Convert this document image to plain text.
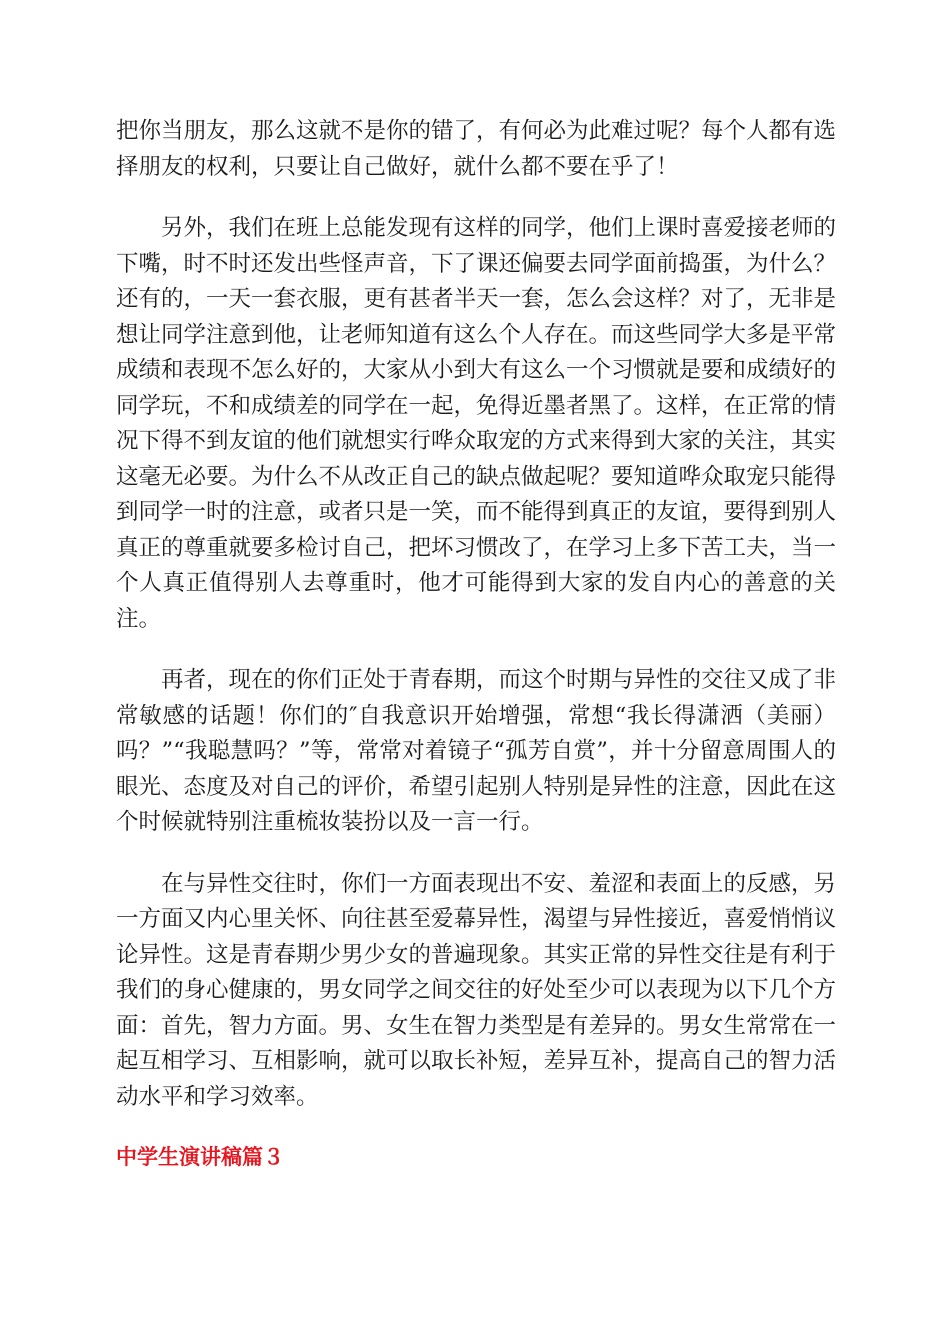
把你当朋友，那么这就不是你的错了，有何必为此难过呢？每个人都有选择朋友的权利，只要让自己做好，就什么都不要在乎了！

另外，我们在班上总能发现有这样的同学，他们上课时喜爱接老师的下嘴，时不时还发出些怪声音，下了课还偏要去同学面前捣蛋，为什么？还有的，一天一套衣服，更有甚者半天一套，怎么会这样？对了，无非是想让同学注意到他，让老师知道有这么个人存在。而这些同学大多是平常成绩和表现不怎么好的，大家从小到大有这么一个习惯就是要和成绩好的同学玩，不和成绩差的同学在一起，免得近墨者黑了。这样，在正常的情况下得不到友谊的他们就想实行哗众取宠的方式来得到大家的关注，其实这毫无必要。为什么不从改正自己的缺点做起呢？要知道哗众取宠只能得到同学一时的注意，或者只是一笑，而不能得到真正的友谊，要得到别人真正的尊重就要多检讨自己，把坏习惯改了，在学习上多下苦工夫，当一个人真正值得别人去尊重时，他才可能得到大家的发自内心的善意的关注。

再者，现在的你们正处于青春期，而这个时期与异性的交往又成了非常敏感的话题！你们的″自我意识开始增强，常想“我长得潇洒（美丽）吗？”“我聪慧吗？”等，常常对着镜子“孤芳自赏”，并十分留意周围人的眼光、态度及对自己的评价，希望引起别人特别是异性的注意，因此在这个时候就特别注重梳妆装扮以及一言一行。

在与异性交往时，你们一方面表现出不安、羞涩和表面上的反感，另一方面又内心里关怀、向往甚至爱幕异性，渴望与异性接近，喜爱悄悄议论异性。这是青春期少男少女的普遍现象。其实正常的异性交往是有利于我们的身心健康的，男女同学之间交往的好处至少可以表现为以下几个方面：首先，智力方面。男、女生在智力类型是有差异的。男女生常常在一起互相学习、互相影响，就可以取长补短，差异互补，提高自己的智力活动水平和学习效率。

中学生演讲稿篇３
